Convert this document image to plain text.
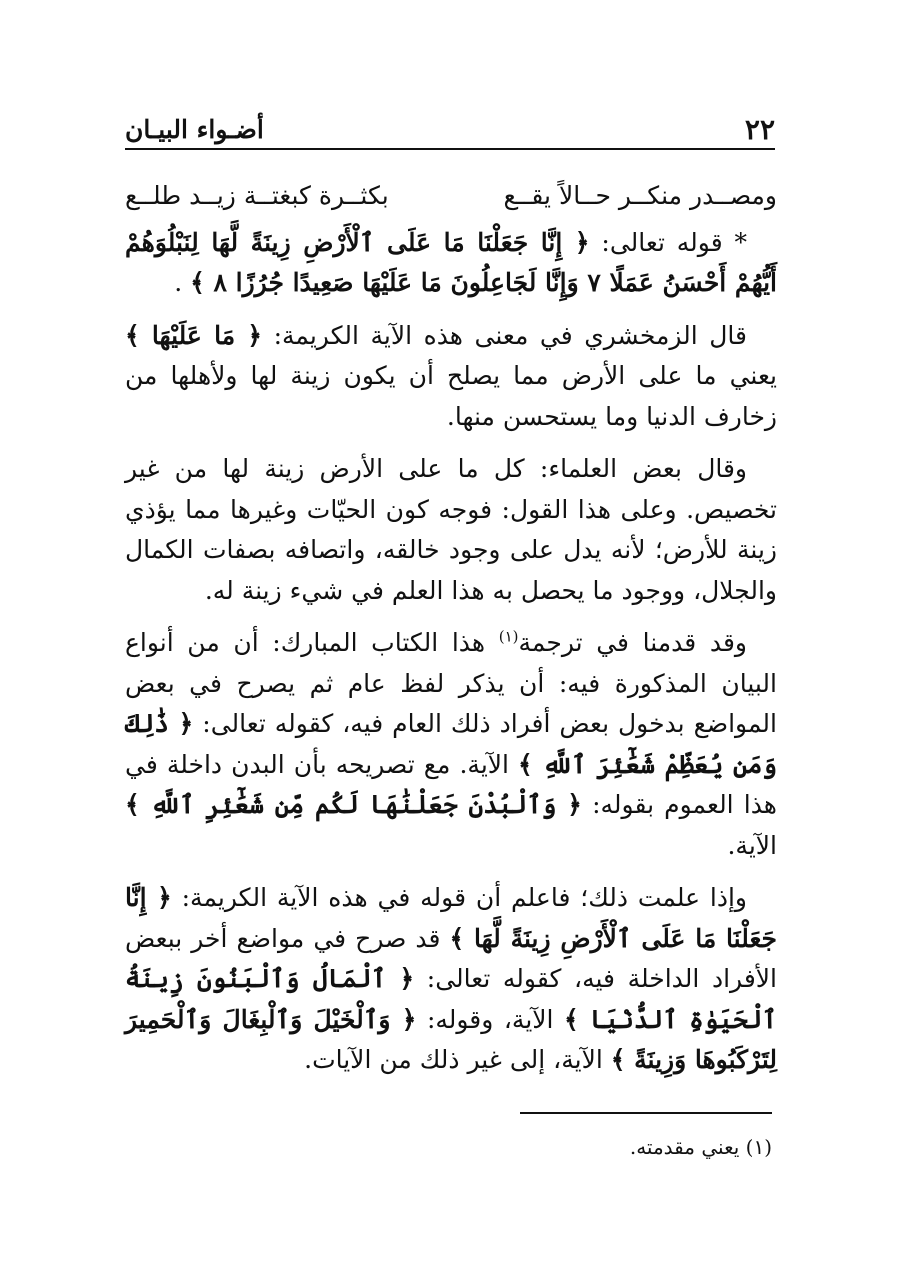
أضـواء البيـان	٢٢

ومصــدر منكــر حــالاً يقــع
بكثــرة كبغتــة زيــد طلــع

* قوله تعالى: ﴿ إِنَّا جَعَلْنَا مَا عَلَى ٱلْأَرْضِ زِينَةً لَّهَا لِنَبْلُوَهُمْ أَيُّهُمْ أَحْسَنُ عَمَلًا ٧ وَإِنَّا لَجَاعِلُونَ مَا عَلَيْهَا صَعِيدًا جُرُزًا ٨ ﴾ .

قال الزمخشري في معنى هذه الآية الكريمة: ﴿ مَا عَلَيْهَا ﴾ يعني ما على الأرض مما يصلح أن يكون زينة لها ولأهلها من زخارف الدنيا وما يستحسن منها.

وقال بعض العلماء: كل ما على الأرض زينة لها من غير تخصيص. وعلى هذا القول: فوجه كون الحيّات وغيرها مما يؤذي زينة للأرض؛ لأنه يدل على وجود خالقه، واتصافه بصفات الكمال والجلال، ووجود ما يحصل به هذا العلم في شيء زينة له.

وقد قدمنا في ترجمة$^{(١)}$ هذا الكتاب المبارك: أن من أنواع البيان المذكورة فيه: أن يذكر لفظ عام ثم يصرح في بعض المواضع بدخول بعض أفراد ذلك العام فيه، كقوله تعالى: ﴿ ذَٰلِكَ وَمَن يُعَظِّمْ شَعَٰٓئِرَ ٱللَّهِ ﴾ الآية. مع تصريحه بأن البدن داخلة في هذا العموم بقوله: ﴿ وَٱلْبُدْنَ جَعَلْنَٰهَا لَكُم مِّن شَعَٰٓئِرِ ٱللَّهِ ﴾ الآية.

وإذا علمت ذلك؛ فاعلم أن قوله في هذه الآية الكريمة: ﴿ إِنَّا جَعَلْنَا مَا عَلَى ٱلْأَرْضِ زِينَةً لَّهَا ﴾ قد صرح في مواضع أخر ببعض الأفراد الداخلة فيه، كقوله تعالى: ﴿ ٱلْمَالُ وَٱلْبَنُونَ زِينَةُ ٱلْحَيَوٰةِ ٱلدُّنْيَا ﴾ الآية، وقوله: ﴿ وَٱلْخَيْلَ وَٱلْبِغَالَ وَٱلْحَمِيرَ لِتَرْكَبُوهَا وَزِينَةً ﴾ الآية، إلى غير ذلك من الآيات.

(١) يعني مقدمته.
